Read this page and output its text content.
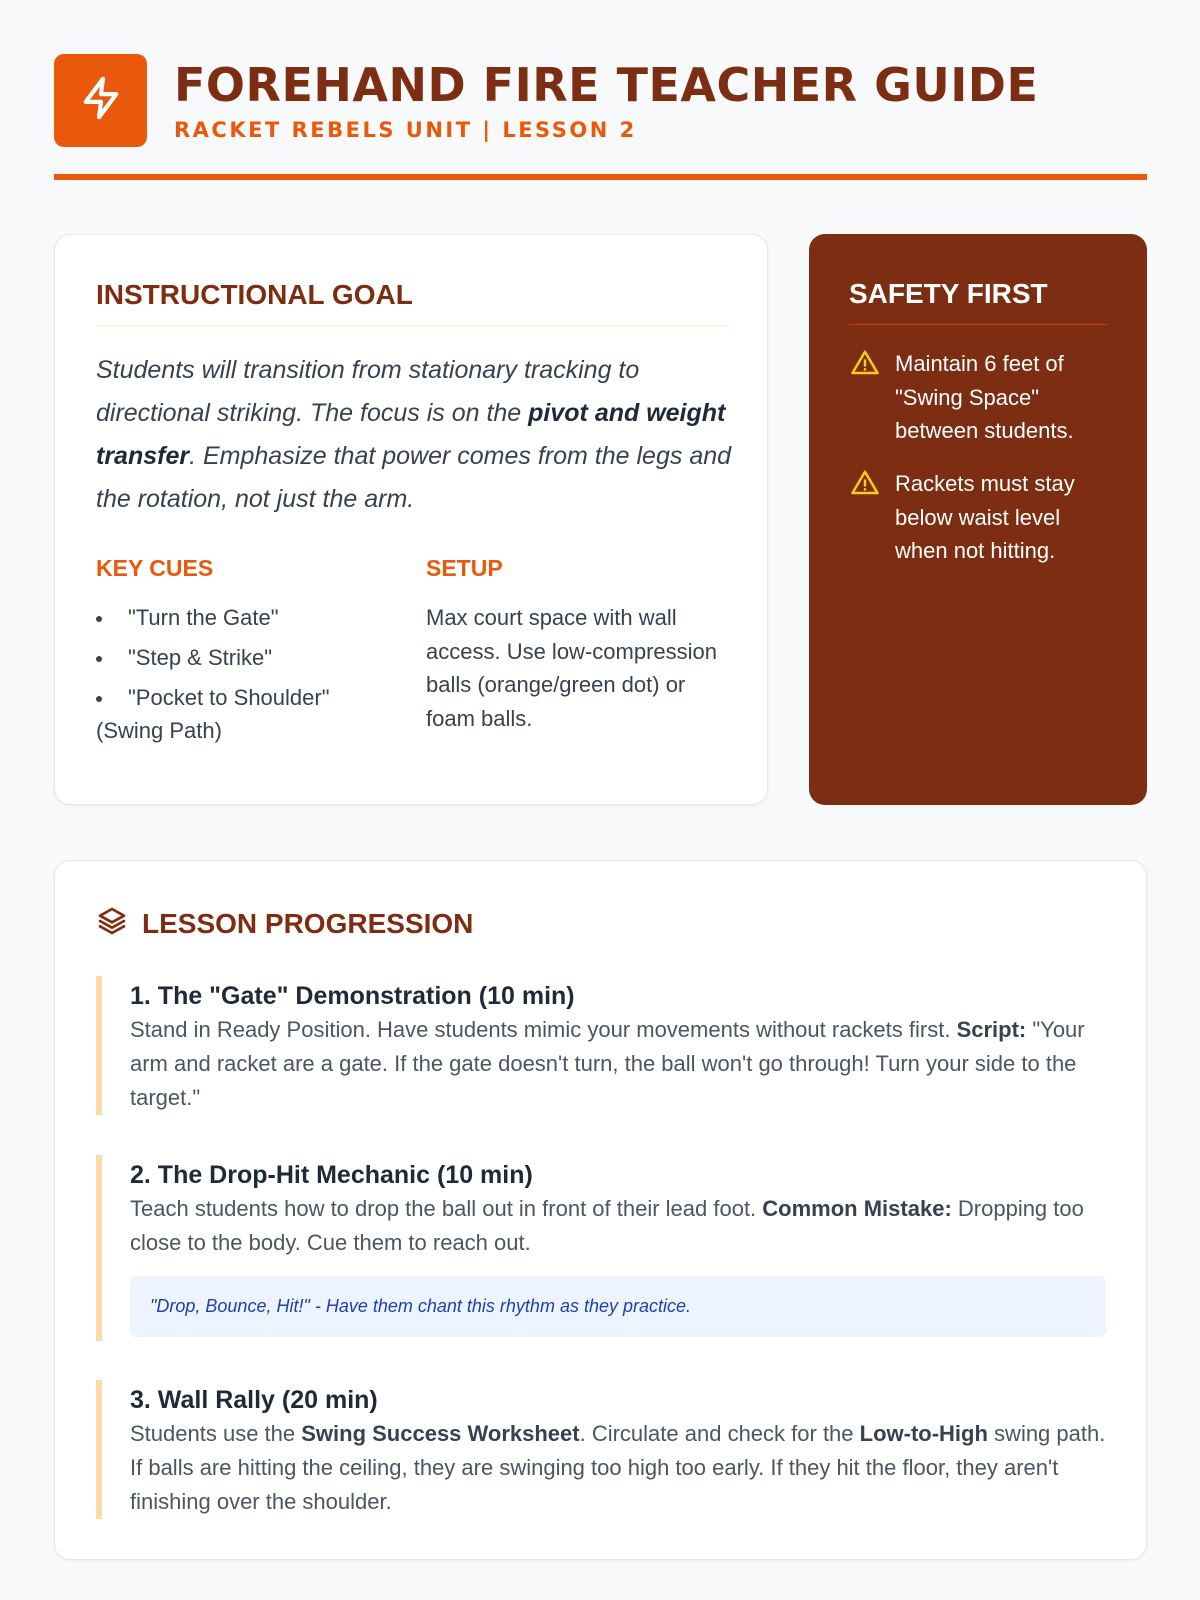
FOREHAND FIRE TEACHER GUIDE
RACKET REBELS UNIT | LESSON 2
INSTRUCTIONAL GOAL

Students will transition from stationary tracking to directional striking. The focus is on the pivot and weight transfer. Emphasize that power comes from the legs and the rotation, not just the arm.

KEY CUES
"Turn the Gate"
"Step & Strike"
"Pocket to Shoulder" (Swing Path)
SETUP

Max court space with wall access. Use low-compression balls (orange/green dot) or foam balls.

SAFETY FIRST
Maintain 6 feet of "Swing Space" between students.
Rackets must stay below waist level when not hitting.
LESSON PROGRESSION
1. The "Gate" Demonstration (10 min)

Stand in Ready Position. Have students mimic your movements without rackets first. Script: "Your arm and racket are a gate. If the gate doesn't turn, the ball won't go through! Turn your side to the target."

2. The Drop-Hit Mechanic (10 min)

Teach students how to drop the ball out in front of their lead foot. Common Mistake: Dropping too close to the body. Cue them to reach out.

"Drop, Bounce, Hit!" - Have them chant this rhythm as they practice.
3. Wall Rally (20 min)

Students use the Swing Success Worksheet. Circulate and check for the Low-to-High swing path. If balls are hitting the ceiling, they are swinging too high too early. If they hit the floor, they aren't finishing over the shoulder.
